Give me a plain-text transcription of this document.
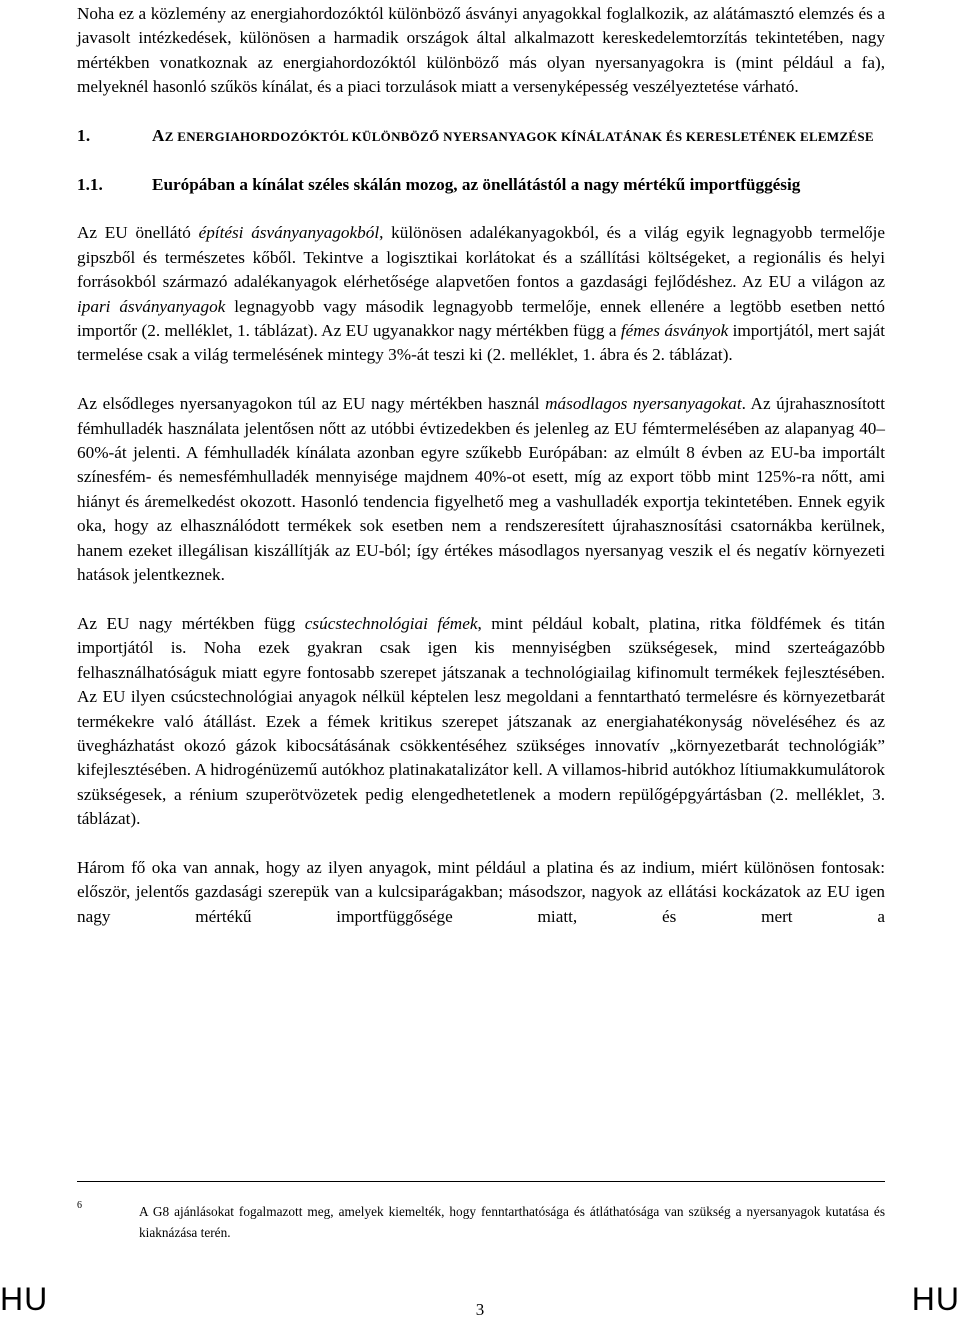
Noha ez a közlemény az energiahordozóktól különböző ásványi anyagokkal foglalkozik, az alátámasztó elemzés és a javasolt intézkedések, különösen a harmadik országok által alkalmazott kereskedelemtorzítás tekintetében, nagy mértékben vonatkoznak az energiahordozóktól különböző más olyan nyersanyagokra is (mint például a fa), melyeknél hasonló szűkös kínálat, és a piaci torzulások miatt a versenyképesség veszélyeztetése várható.

1.	AZ ENERGIAHORDOZÓKTÓL KÜLÖNBÖZŐ NYERSANYAGOK KÍNÁLATÁNAK ÉS KERESLETÉNEK ELEMZÉSE
1.1.	Európában a kínálat széles skálán mozog, az önellátástól a nagy mértékű importfüggésig

Az EU önellátó építési ásványanyagokból, különösen adalékanyagokból, és a világ egyik legnagyobb termelője gipszből és természetes kőből. Tekintve a logisztikai korlátokat és a szállítási költségeket, a regionális és helyi forrásokból származó adalékanyagok elérhetősége alapvetően fontos a gazdasági fejlődéshez. Az EU a világon az ipari ásványanyagok legnagyobb vagy második legnagyobb termelője, ennek ellenére a legtöbb esetben nettó importőr (2. melléklet, 1. táblázat). Az EU ugyanakkor nagy mértékben függ a fémes ásványok importjától, mert saját termelése csak a világ termelésének mintegy 3%-át teszi ki (2. melléklet, 1. ábra és 2. táblázat).

Az elsődleges nyersanyagokon túl az EU nagy mértékben használ másodlagos nyersanyagokat. Az újrahasznosított fémhulladék használata jelentősen nőtt az utóbbi évtizedekben és jelenleg az EU fémtermelésében az alapanyag 40–60%-át jelenti. A fémhulladék kínálata azonban egyre szűkebb Európában: az elmúlt 8 évben az EU-ba importált színesfém- és nemesfémhulladék mennyisége majdnem 40%-ot esett, míg az export több mint 125%-ra nőtt, ami hiányt és áremelkedést okozott. Hasonló tendencia figyelhető meg a vashulladék exportja tekintetében. Ennek egyik oka, hogy az elhasználódott termékek sok esetben nem a rendszeresített újrahasznosítási csatornákba kerülnek, hanem ezeket illegálisan kiszállítják az EU-ból; így értékes másodlagos nyersanyag veszik el és negatív környezeti hatások jelentkeznek.

Az EU nagy mértékben függ csúcstechnológiai fémek, mint például kobalt, platina, ritka földfémek és titán importjától is. Noha ezek gyakran csak igen kis mennyiségben szükségesek, mind szerteágazóbb felhasználhatóságuk miatt egyre fontosabb szerepet játszanak a technológiailag kifinomult termékek fejlesztésében. Az EU ilyen csúcstechnológiai anyagok nélkül képtelen lesz megoldani a fenntartható termelésre és környezetbarát termékekre való átállást. Ezek a fémek kritikus szerepet játszanak az energiahatékonyság növeléséhez és az üvegházhatást okozó gázok kibocsátásának csökkentéséhez szükséges innovatív „környezetbarát technológiák” kifejlesztésében. A hidrogénüzemű autókhoz platinakatalizátor kell. A villamos-hibrid autókhoz lítiumakkumulátorok szükségesek, a rénium szuperötvözetek pedig elengedhetetlenek a modern repülőgépgyártásban (2. melléklet, 3. táblázat).

Három fő oka van annak, hogy az ilyen anyagok, mint például a platina és az indium, miért különösen fontosak: először, jelentős gazdasági szerepük van a kulcsiparágakban; másodszor, nagyok az ellátási kockázatok az EU igen nagy mértékű importfüggősége miatt, és mert a

6	A G8 ajánlásokat fogalmazott meg, amelyek kiemelték, hogy fenntarthatósága és átláthatósága van szükség a nyersanyagok kutatása és kiaknázása terén.
HU	3	HU
